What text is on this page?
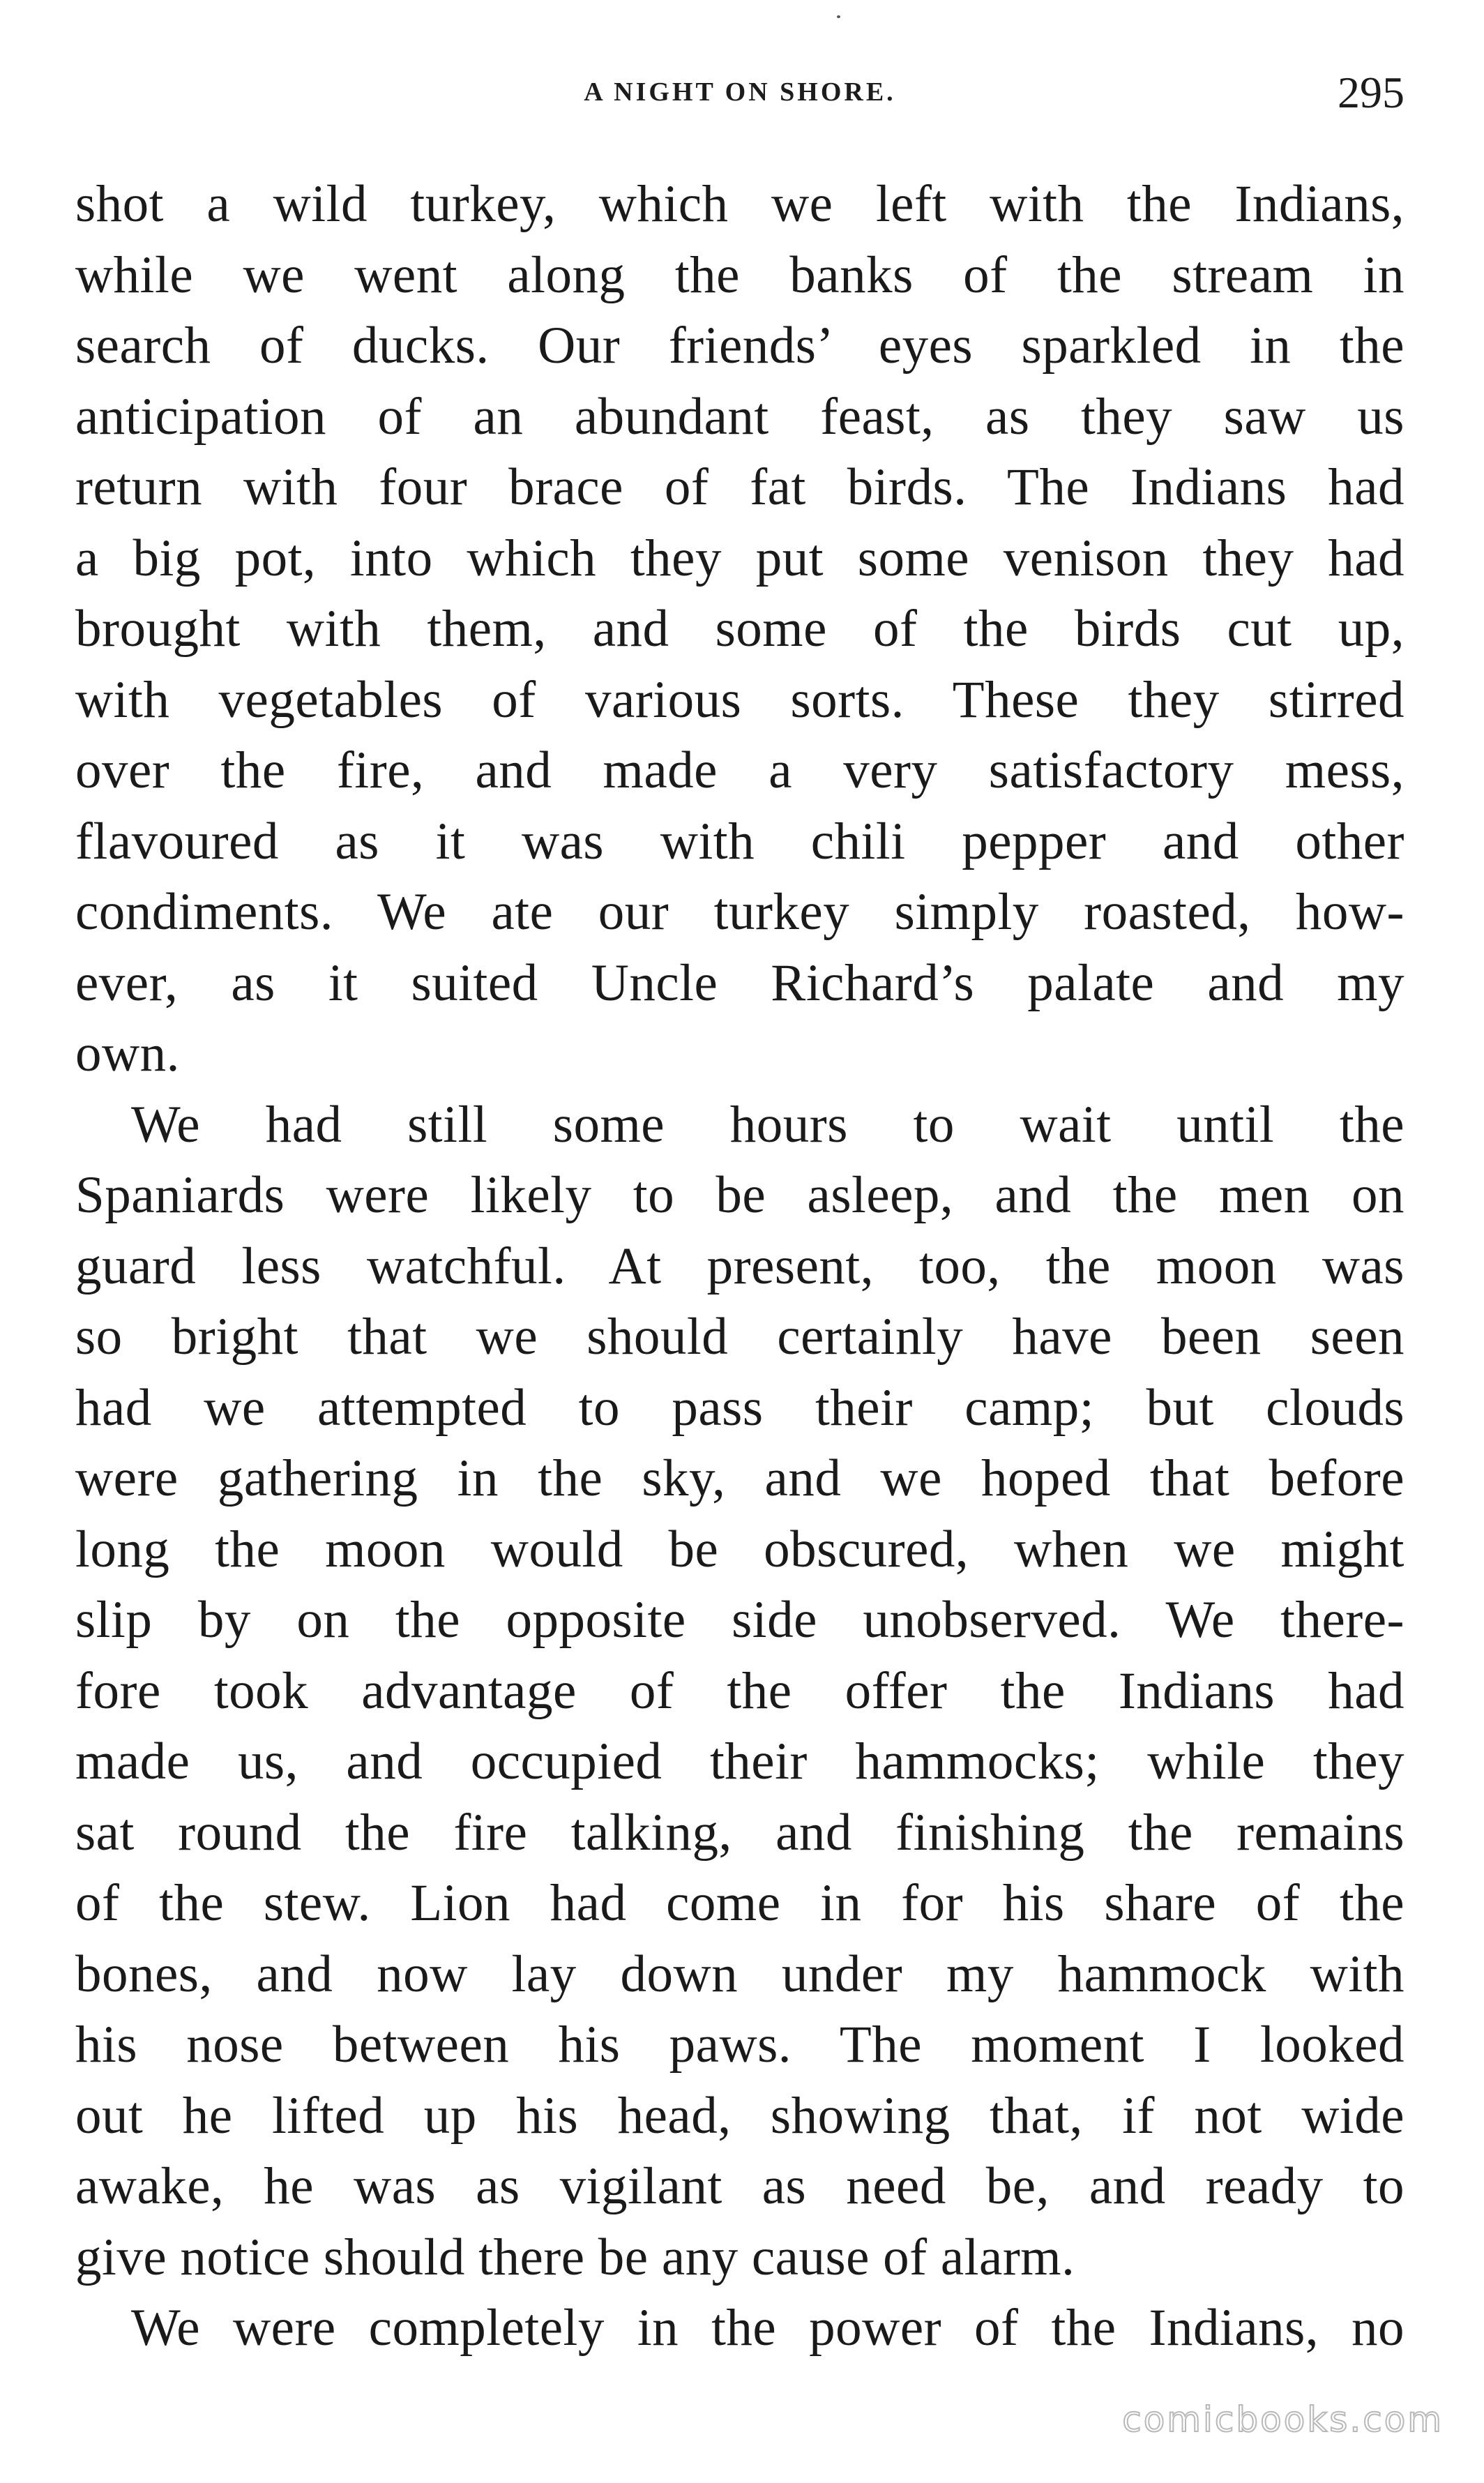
A NIGHT ON SHORE.	295
shot a wild turkey, which we left with the Indians,
while we went along the banks of the stream in
search of ducks. Our friends’ eyes sparkled in the
anticipation of an abundant feast, as they saw us
return with four brace of fat birds. The Indians had
a big pot, into which they put some venison they had
brought with them, and some of the birds cut up,
with vegetables of various sorts. These they stirred
over the fire, and made a very satisfactory mess,
flavoured as it was with chili pepper and other
condiments. We ate our turkey simply roasted, how-
ever, as it suited Uncle Richard’s palate and my
own.
We had still some hours to wait until the
Spaniards were likely to be asleep, and the men on
guard less watchful. At present, too, the moon was
so bright that we should certainly have been seen
had we attempted to pass their camp; but clouds
were gathering in the sky, and we hoped that before
long the moon would be obscured, when we might
slip by on the opposite side unobserved. We there-
fore took advantage of the offer the Indians had
made us, and occupied their hammocks; while they
sat round the fire talking, and finishing the remains
of the stew. Lion had come in for his share of the
bones, and now lay down under my hammock with
his nose between his paws. The moment I looked
out he lifted up his head, showing that, if not wide
awake, he was as vigilant as need be, and ready to
give notice should there be any cause of alarm.
We were completely in the power of the Indians, no
comicbooks.com
